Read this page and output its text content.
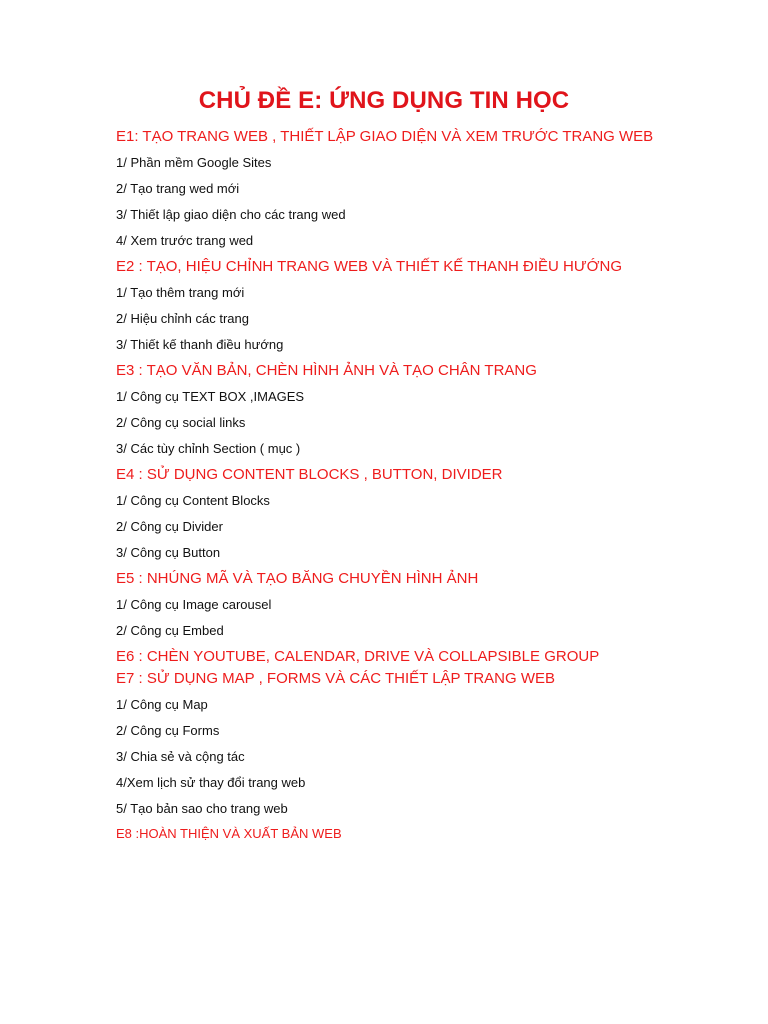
CHỦ ĐỀ E: ỨNG DỤNG TIN HỌC
E1: TẠO TRANG WEB , THIẾT LẬP GIAO DIỆN VÀ XEM TRƯỚC TRANG WEB
1/ Phần mềm Google Sites
2/ Tạo trang wed mới
3/ Thiết lập giao diện cho các trang wed
4/ Xem trước trang wed
E2 : TẠO, HIỆU CHỈNH TRANG WEB VÀ THIẾT KẾ THANH ĐIỀU HƯỚNG
1/ Tạo thêm trang mới
2/ Hiệu chỉnh các trang
3/ Thiết kế thanh điều hướng
E3 : TẠO VĂN BẢN, CHÈN HÌNH ẢNH VÀ TẠO CHÂN TRANG
1/ Công cụ TEXT BOX ,IMAGES
2/ Công cụ social links
3/ Các tùy chỉnh Section ( mục )
E4 : SỬ DỤNG CONTENT BLOCKS , BUTTON, DIVIDER
1/ Công cụ Content Blocks
2/ Công cụ Divider
3/ Công cụ Button
E5 : NHÚNG MÃ VÀ TẠO BĂNG CHUYỀN HÌNH ẢNH
1/ Công cụ Image carousel
2/ Công cụ Embed
E6 : CHÈN YOUTUBE, CALENDAR, DRIVE VÀ COLLAPSIBLE GROUP
E7 : SỬ DỤNG MAP , FORMS VÀ CÁC THIẾT LẬP TRANG WEB
1/ Công cụ Map
2/ Công cụ Forms
3/ Chia sẻ và cộng tác
4/Xem lịch sử thay đổi trang web
5/ Tạo bản sao cho trang web
E8 :HOÀN THIỆN VÀ XUẤT BẢN WEB
